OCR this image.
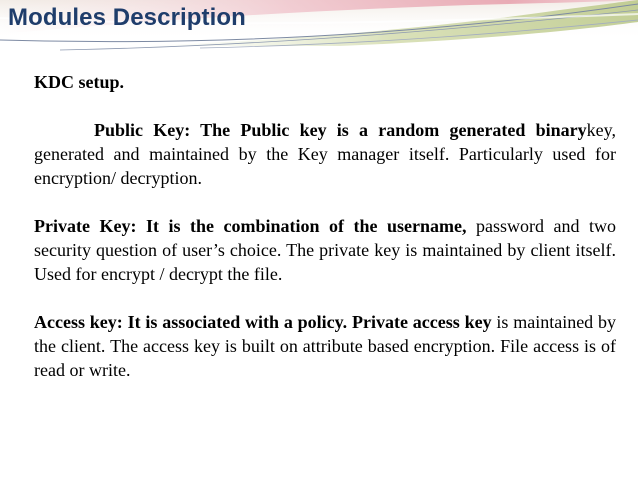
Modules Description

KDC setup.

Public Key: The Public key is a random generated binarykey, generated and maintained by the Key manager itself. Particularly used for encryption/ decryption.

Private Key: It is the combination of the username, password and two security question of user’s choice. The private key is maintained by client itself. Used for encrypt / decrypt the file.

Access key: It is associated with a policy. Private access key is maintained by the client. The access key is built on attribute based encryption. File access is of read or write.
